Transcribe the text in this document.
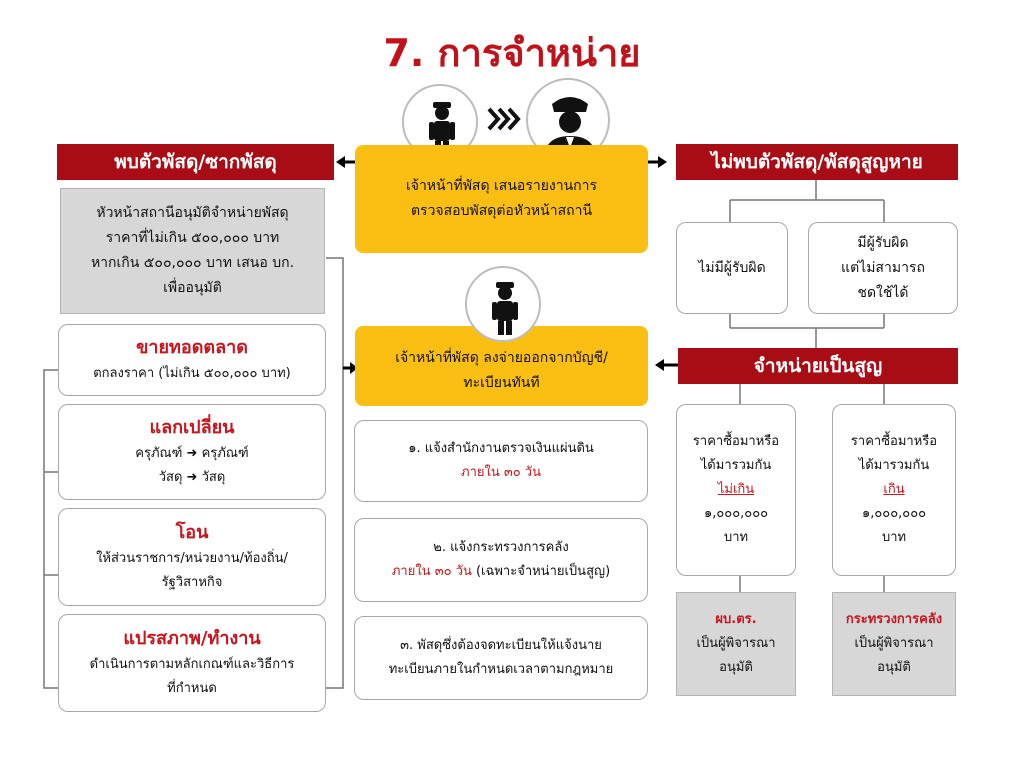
7. การจำหน่าย
เจ้าหน้าที่พัสดุ เสนอรายงานการ
ตรวจสอบพัสดุต่อหัวหน้าสถานี
พบตัวพัสดุ/ซากพัสดุ	ไม่พบตัวพัสดุ/พัสดุสูญหาย
หัวหน้าสถานีอนุมัติจำหน่ายพัสดุ
ราคาที่ไม่เกิน ๕๐๐,๐๐๐ บาท
หากเกิน ๕๐๐,๐๐๐ บาท เสนอ บก.
เพื่ออนุมัติ
ขายทอดตลาด
ตกลงราคา (ไม่เกิน ๕๐๐,๐๐๐ บาท)
แลกเปลี่ยน
ครุภัณฑ์ ➜ ครุภัณฑ์
วัสดุ ➜ วัสดุ
โอน
ให้ส่วนราชการ/หน่วยงาน/ท้องถิ่น/
รัฐวิสาหกิจ
แปรสภาพ/ทำงาน
ดำเนินการตามหลักเกณฑ์และวิธีการ
ที่กำหนด
เจ้าหน้าที่พัสดุ ลงจ่ายออกจากบัญชี/
ทะเบียนทันที
๑. แจ้งสำนักงานตรวจเงินแผ่นดิน
ภายใน ๓๐ วัน
๒. แจ้งกระทรวงการคลัง
ภายใน ๓๐ วัน (เฉพาะจำหน่ายเป็นสูญ)
๓. พัสดุซึ่งต้องจดทะเบียนให้แจ้งนาย
ทะเบียนภายในกำหนดเวลาตามกฎหมาย
ไม่มีผู้รับผิด
มีผู้รับผิด
แต่ไม่สามารถ
ชดใช้ได้
จำหน่ายเป็นสูญ
ราคาซื้อมาหรือ
ได้มารวมกัน
ไม่เกิน
๑,๐๐๐,๐๐๐
บาท
ราคาซื้อมาหรือ
ได้มารวมกัน
เกิน
๑,๐๐๐,๐๐๐
บาท
ผบ.ตร.
เป็นผู้พิจารณา
อนุมัติ
กระทรวงการคลัง
เป็นผู้พิจารณา
อนุมัติ
